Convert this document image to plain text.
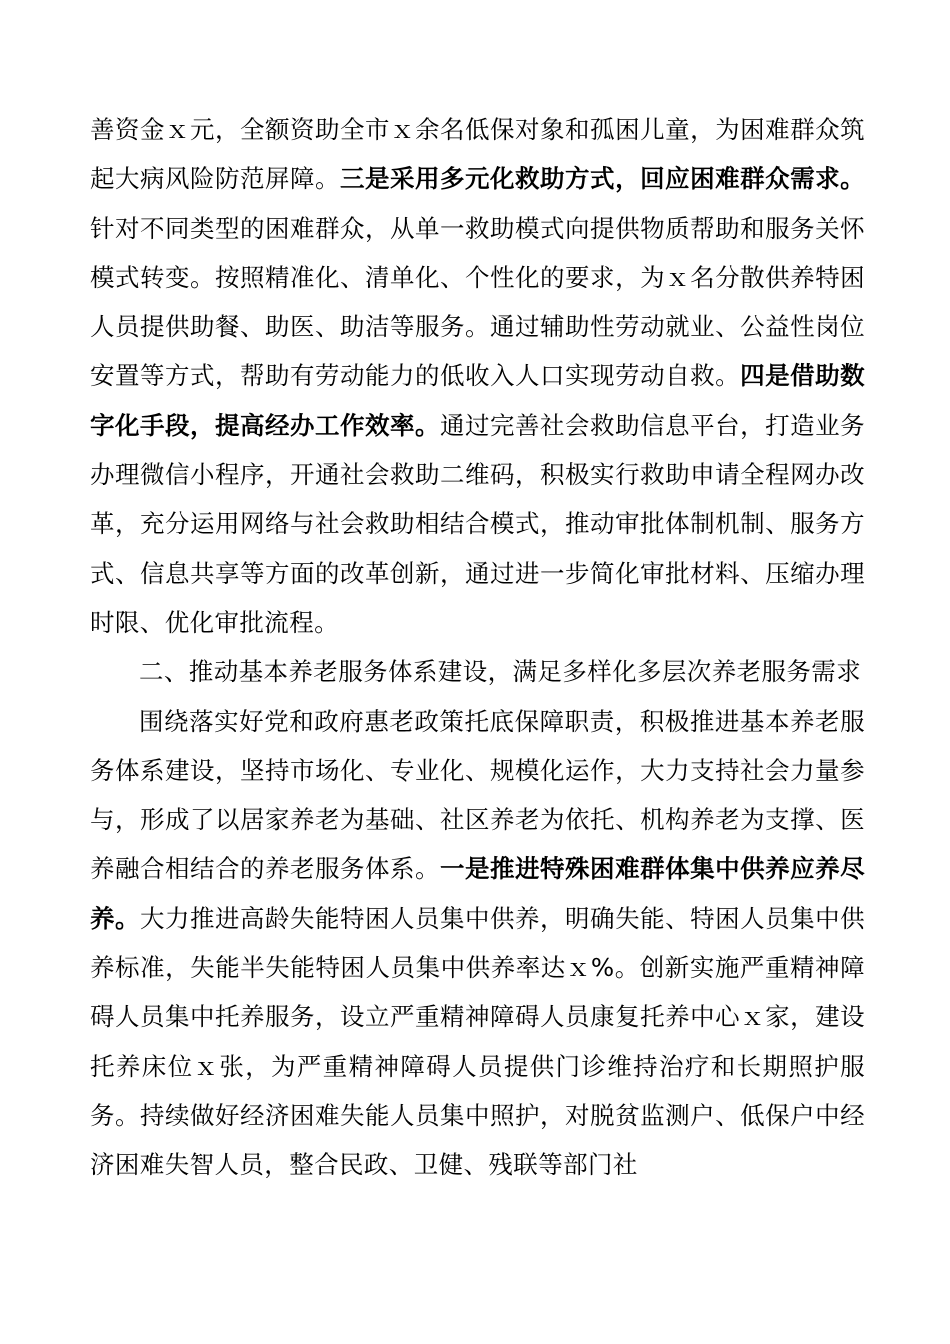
善资金ｘ元，全额资助全市ｘ余名低保对象和孤困儿童，为困难群众筑起大病风险防范屏障。三是采用多元化救助方式，回应困难群众需求。针对不同类型的困难群众，从单一救助模式向提供物质帮助和服务关怀模式转变。按照精准化、清单化、个性化的要求，为ｘ名分散供养特困人员提供助餐、助医、助洁等服务。通过辅助性劳动就业、公益性岗位安置等方式，帮助有劳动能力的低收入人口实现劳动自救。四是借助数字化手段，提高经办工作效率。通过完善社会救助信息平台，打造业务办理微信小程序，开通社会救助二维码，积极实行救助申请全程网办改革，充分运用网络与社会救助相结合模式，推动审批体制机制、服务方式、信息共享等方面的改革创新，通过进一步简化审批材料、压缩办理时限、优化审批流程。

二、推动基本养老服务体系建设，满足多样化多层次养老服务需求

围绕落实好党和政府惠老政策托底保障职责，积极推进基本养老服务体系建设，坚持市场化、专业化、规模化运作，大力支持社会力量参与，形成了以居家养老为基础、社区养老为依托、机构养老为支撑、医养融合相结合的养老服务体系。一是推进特殊困难群体集中供养应养尽养。大力推进高龄失能特困人员集中供养，明确失能、特困人员集中供养标准，失能半失能特困人员集中供养率达ｘ%。创新实施严重精神障碍人员集中托养服务，设立严重精神障碍人员康复托养中心ｘ家，建设托养床位ｘ张，为严重精神障碍人员提供门诊维持治疗和长期照护服务。持续做好经济困难失能人员集中照护，对脱贫监测户、低保户中经济困难失智人员，整合民政、卫健、残联等部门社
